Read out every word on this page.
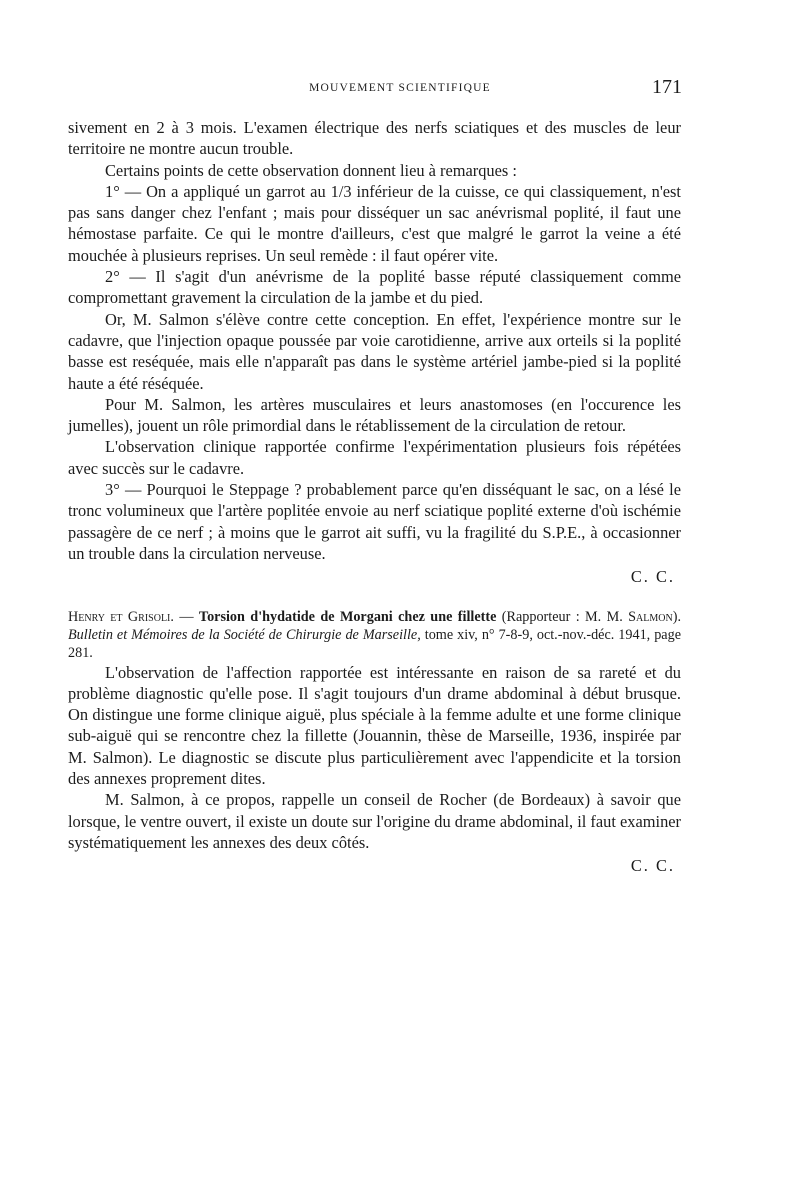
MOUVEMENT SCIENTIFIQUE	171

sivement en 2 à 3 mois. L'examen électrique des nerfs sciatiques et des muscles de leur territoire ne montre aucun trouble.

Certains points de cette observation donnent lieu à remarques :

1° — On a appliqué un garrot au 1/3 inférieur de la cuisse, ce qui classiquement, n'est pas sans danger chez l'enfant ; mais pour disséquer un sac anévrismal poplité, il faut une hémostase parfaite. Ce qui le montre d'ailleurs, c'est que malgré le garrot la veine a été mouchée à plusieurs reprises. Un seul remède : il faut opérer vite.

2° — Il s'agit d'un anévrisme de la poplité basse réputé classiquement comme compromettant gravement la circulation de la jambe et du pied.

Or, M. Salmon s'élève contre cette conception. En effet, l'expérience montre sur le cadavre, que l'injection opaque poussée par voie carotidienne, arrive aux orteils si la poplité basse est reséquée, mais elle n'apparaît pas dans le système artériel jambe-pied si la poplité haute a été réséquée.

Pour M. Salmon, les artères musculaires et leurs anastomoses (en l'occurence les jumelles), jouent un rôle primordial dans le rétablissement de la circulation de retour.

L'observation clinique rapportée confirme l'expérimentation plusieurs fois répétées avec succès sur le cadavre.

3° — Pourquoi le Steppage ? probablement parce qu'en disséquant le sac, on a lésé le tronc volumineux que l'artère poplitée envoie au nerf sciatique poplité externe d'où ischémie passagère de ce nerf ; à moins que le garrot ait suffi, vu la fragilité du S.P.E., à occasionner un trouble dans la circulation nerveuse.

C. C.

Henry et Grisoli. — Torsion d'hydatide de Morgani chez une fillette (Rapporteur : M. M. Salmon). Bulletin et Mémoires de la Société de Chirurgie de Marseille, tome xiv, n° 7-8-9, oct.-nov.-déc. 1941, page 281.

L'observation de l'affection rapportée est intéressante en raison de sa rareté et du problème diagnostic qu'elle pose. Il s'agit toujours d'un drame abdominal à début brusque. On distingue une forme clinique aiguë, plus spéciale à la femme adulte et une forme clinique sub-aiguë qui se rencontre chez la fillette (Jouannin, thèse de Marseille, 1936, inspirée par M. Salmon). Le diagnostic se discute plus particulièrement avec l'appendicite et la torsion des annexes proprement dites.

M. Salmon, à ce propos, rappelle un conseil de Rocher (de Bordeaux) à savoir que lorsque, le ventre ouvert, il existe un doute sur l'origine du drame abdominal, il faut examiner systématiquement les annexes des deux côtés.

C. C.
